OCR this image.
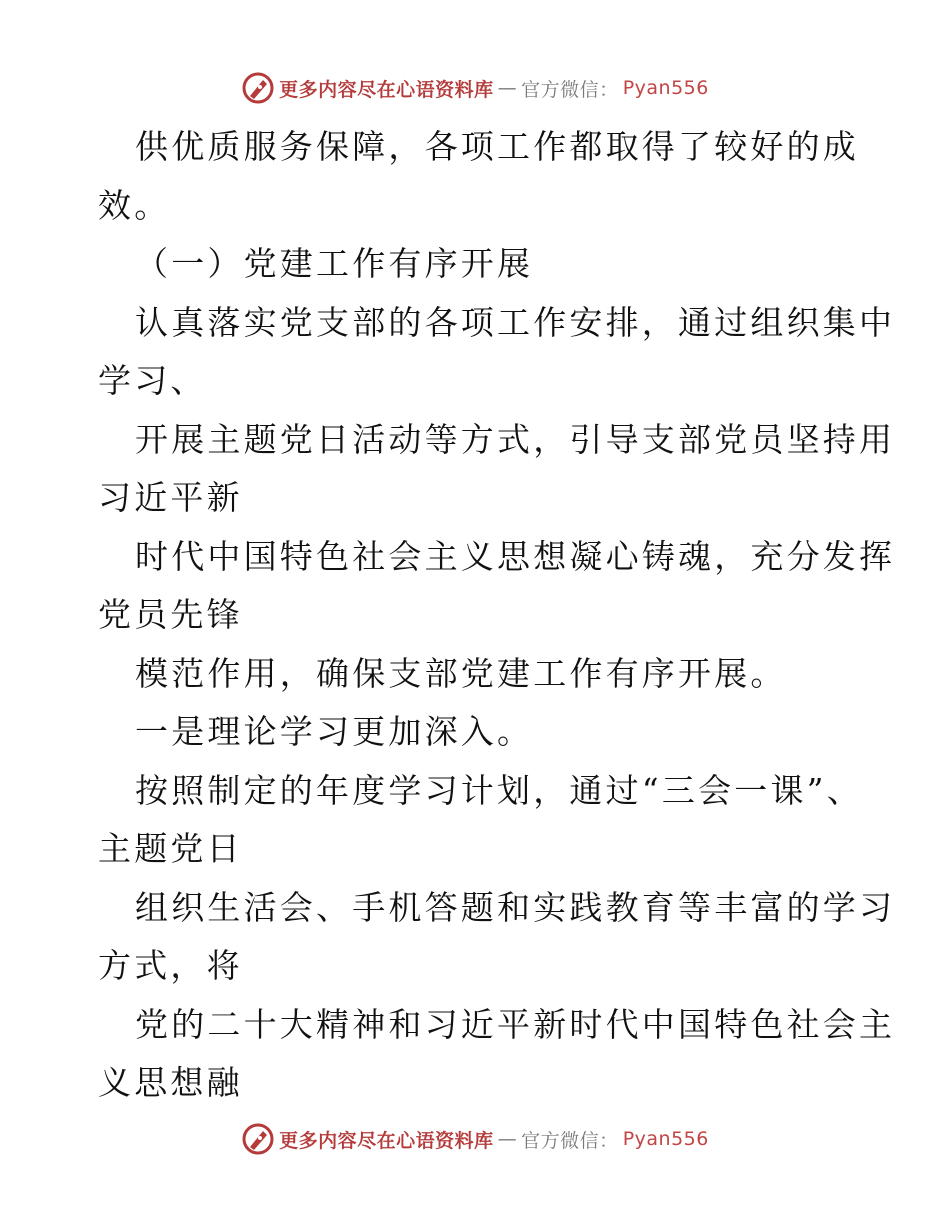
更多内容尽在心语资料库 — 官方微信： Pyan556
供优质服务保障，各项工作都取得了较好的成
效。
（一）党建工作有序开展
认真落实党支部的各项工作安排，通过组织集中
学习、
开展主题党日活动等方式，引导支部党员坚持用
习近平新
时代中国特色社会主义思想凝心铸魂，充分发挥
党员先锋
模范作用，确保支部党建工作有序开展。
一是理论学习更加深入。
按照制定的年度学习计划，通过“三会一课”、
主题党日
组织生活会、手机答题和实践教育等丰富的学习
方式，将
党的二十大精神和习近平新时代中国特色社会主
义思想融
更多内容尽在心语资料库 — 官方微信： Pyan556
